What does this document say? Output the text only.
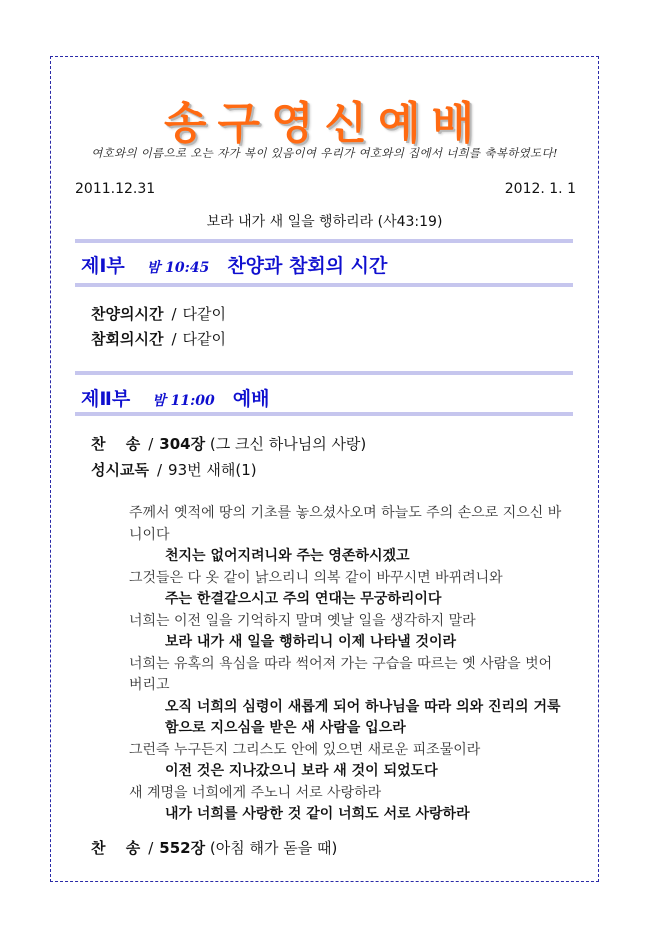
송구영신예배
여호와의 이름으로 오는 자가 복이 있음이여 우리가 여호와의 집에서 너희를 축복하였도다!
2011.12.31	2012. 1. 1
보라 내가 새 일을 행하리라 (사43:19)
제Ⅰ부 밤 10:45 찬양과 참회의 시간
찬양의시간 / 다같이
참회의시간 / 다같이
제Ⅱ부 밤 11:00 예배
찬　 송 / 304장 (그 크신 하나님의 사랑)
성시교독 / 93번 새해(1)

주께서 옛적에 땅의 기초를 놓으셨사오며 하늘도 주의 손으로 지으신 바니이다

천지는 없어지려니와 주는 영존하시겠고

그것들은 다 옷 같이 낡으리니 의복 같이 바꾸시면 바뀌려니와

주는 한결같으시고 주의 연대는 무궁하리이다

너희는 이전 일을 기억하지 말며 옛날 일을 생각하지 말라

보라 내가 새 일을 행하리니 이제 나타낼 것이라

너희는 유혹의 욕심을 따라 썩어져 가는 구습을 따르는 옛 사람을 벗어 버리고

오직 너희의 심령이 새롭게 되어 하나님을 따라 의와 진리의 거룩함으로 지으심을 받은 새 사람을 입으라

그런즉 누구든지 그리스도 안에 있으면 새로운 피조물이라

이전 것은 지나갔으니 보라 새 것이 되었도다

새 계명을 너희에게 주노니 서로 사랑하라

내가 너희를 사랑한 것 같이 너희도 서로 사랑하라

찬　 송 / 552장 (아침 해가 돋을 때)
